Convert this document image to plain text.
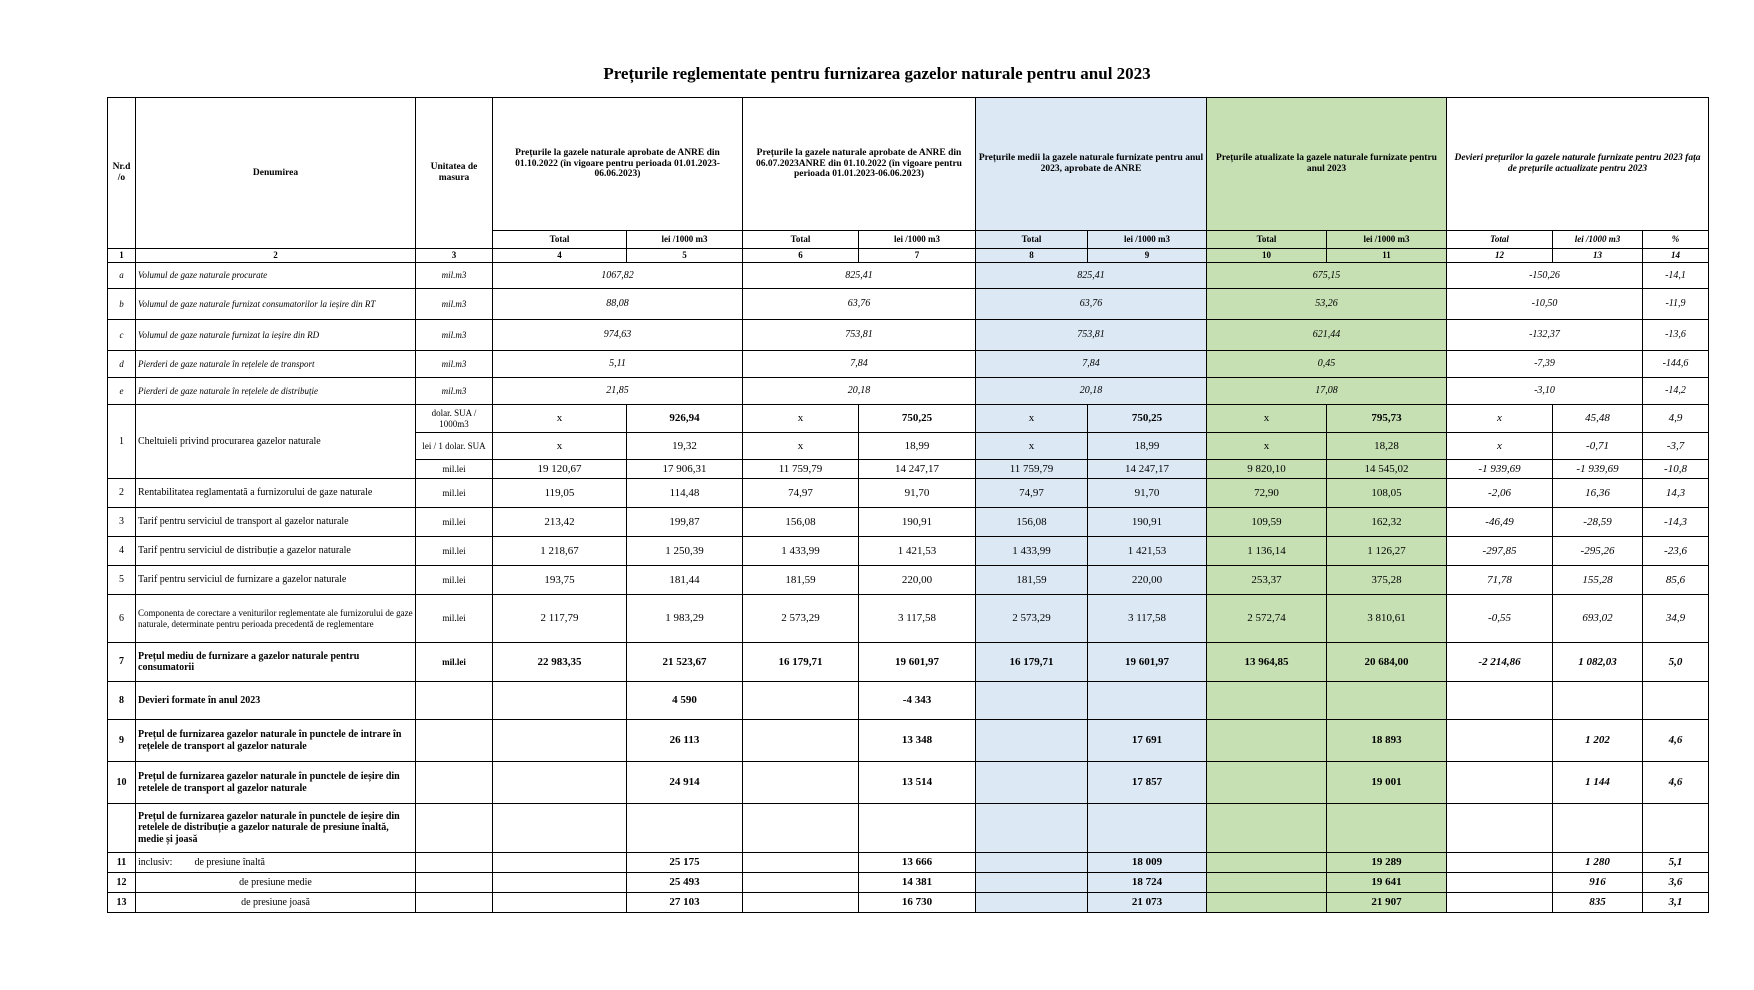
Prețurile reglementate pentru furnizarea gazelor naturale pentru anul 2023
Nr.d /o	Denumirea	Unitatea de masura	Prețurile la gazele naturale aprobate de ANRE din 01.10.2022 (în vigoare pentru perioada 01.01.2023-06.06.2023)		Prețurile la gazele naturale aprobate de ANRE din 06.07.2023ANRE din 01.10.2022 (în vigoare pentru perioada 01.01.2023-06.06.2023)		Prețurile medii la gazele naturale furnizate pentru anul 2023, aprobate de ANRE		Prețurile atualizate la gazele naturale furnizate pentru anul 2023		Devieri prețurilor la gazele naturale furnizate pentru 2023 fața de prețurile actualizate pentru 2023		
			Total	lei /1000 m3	Total	lei /1000 m3	Total	lei /1000 m3	Total	lei /1000 m3	Total	lei /1000 m3	%
1	2	3	4	5	6	7	8	9	10	11	12	13	14
a	Volumul de gaze naturale procurate	mil.m3	1067,82		825,41		825,41		675,15		-150,26		-14,1
b	Volumul de gaze naturale furnizat consumatorilor la ieșire din RT	mil.m3	88,08		63,76		63,76		53,26		-10,50		-11,9
c	Volumul de gaze naturale furnizat la ieșire din RD	mil.m3	974,63		753,81		753,81		621,44		-132,37		-13,6
d	Pierderi de gaze naturale în rețelele de transport	mil.m3	5,11		7,84		7,84		0,45		-7,39		-144,6
e	Pierderi de gaze naturale în rețelele de distribuție	mil.m3	21,85		20,18		20,18		17,08		-3,10		-14,2
1	Cheltuieli privind procurarea gazelor naturale	dolar. SUA / 1000m3	x	926,94	x	750,25	x	750,25	x	795,73	x	45,48	4,9
		lei / 1 dolar. SUA	x	19,32	x	18,99	x	18,99	x	18,28	x	-0,71	-3,7
		mil.lei	19 120,67	17 906,31	11 759,79	14 247,17	11 759,79	14 247,17	9 820,10	14 545,02	-1 939,69	-1 939,69	-10,8
2	Rentabilitatea reglamentată a furnizorului de gaze naturale	mil.lei	119,05	114,48	74,97	91,70	74,97	91,70	72,90	108,05	-2,06	16,36	14,3
3	Tarif pentru serviciul de transport al gazelor naturale	mil.lei	213,42	199,87	156,08	190,91	156,08	190,91	109,59	162,32	-46,49	-28,59	-14,3
4	Tarif pentru serviciul de distribuție a gazelor naturale	mil.lei	1 218,67	1 250,39	1 433,99	1 421,53	1 433,99	1 421,53	1 136,14	1 126,27	-297,85	-295,26	-23,6
5	Tarif pentru serviciul de furnizare a gazelor naturale	mil.lei	193,75	181,44	181,59	220,00	181,59	220,00	253,37	375,28	71,78	155,28	85,6
6	Componenta de corectare a veniturilor reglementate ale furnizorului de gaze naturale, determinate pentru perioada precedentă de reglementare	mil.lei	2 117,79	1 983,29	2 573,29	3 117,58	2 573,29	3 117,58	2 572,74	3 810,61	-0,55	693,02	34,9
7	Prețul mediu de furnizare a gazelor naturale pentru consumatorii	mil.lei	22 983,35	21 523,67	16 179,71	19 601,97	16 179,71	19 601,97	13 964,85	20 684,00	-2 214,86	1 082,03	5,0
8	Devieri formate în anul 2023			4 590		-4 343							
9	Prețul de furnizarea gazelor naturale în punctele de intrare în rețelele de transport al gazelor naturale			26 113		13 348		17 691		18 893		1 202	4,6
10	Prețul de furnizarea gazelor naturale în punctele de ieșire din retelele de transport al gazelor naturale			24 914		13 514		17 857		19 001		1 144	4,6
	Prețul de furnizarea gazelor naturale în punctele de ieșire din retelele de distribuție a gazelor naturale de presiune înaltă, medie și joasă												
11	inclusiv: de presiune înaltă			25 175		13 666		18 009		19 289		1 280	5,1
12	de presiune medie			25 493		14 381		18 724		19 641		916	3,6
13	de presiune joasă			27 103		16 730		21 073		21 907		835	3,1
